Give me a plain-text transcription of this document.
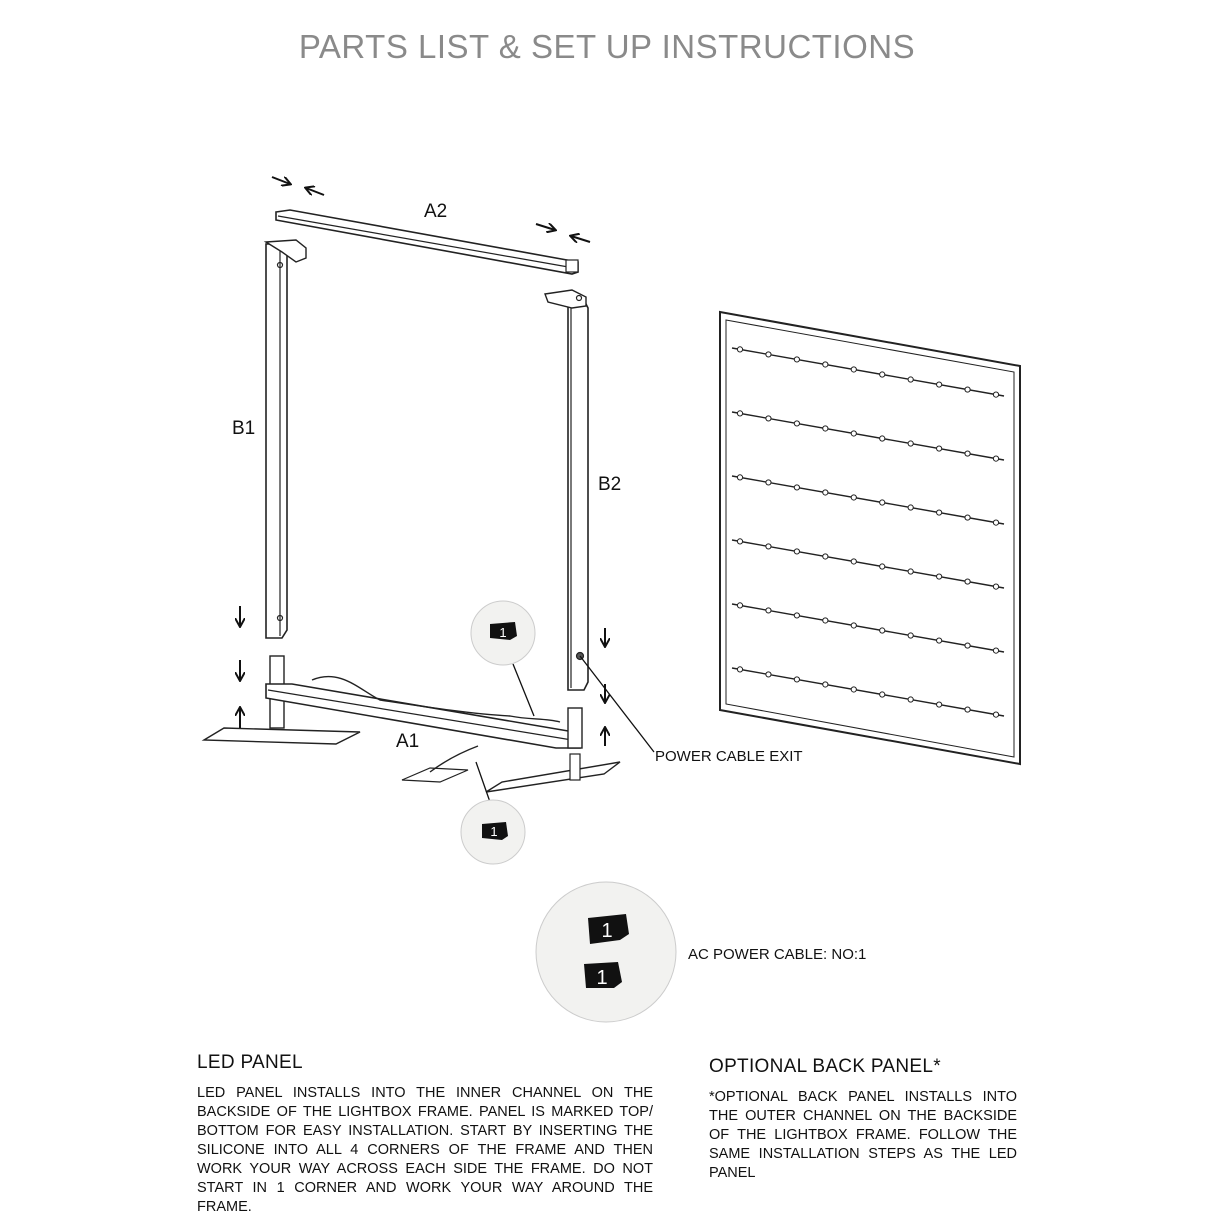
PARTS LIST & SET UP INSTRUCTIONS
1
1
1
1
A2
B1
B2
A1
POWER CABLE EXIT
AC POWER CABLE: NO:1
LED PANEL

LED PANEL INSTALLS INTO THE INNER CHANNEL ON THE BACKSIDE OF THE LIGHTBOX FRAME. PANEL IS MARKED TOP/ BOTTOM FOR EASY INSTALLATION. START BY INSERTING THE SILICONE INTO ALL 4 CORNERS OF THE FRAME AND THEN WORK YOUR WAY ACROSS EACH SIDE THE FRAME. DO NOT START IN 1 CORNER AND WORK YOUR WAY AROUND THE FRAME.

OPTIONAL BACK PANEL*

*OPTIONAL BACK PANEL INSTALLS INTO THE OUTER CHANNEL ON THE BACKSIDE OF THE LIGHTBOX FRAME. FOLLOW THE SAME INSTALLATION STEPS AS THE LED PANEL
